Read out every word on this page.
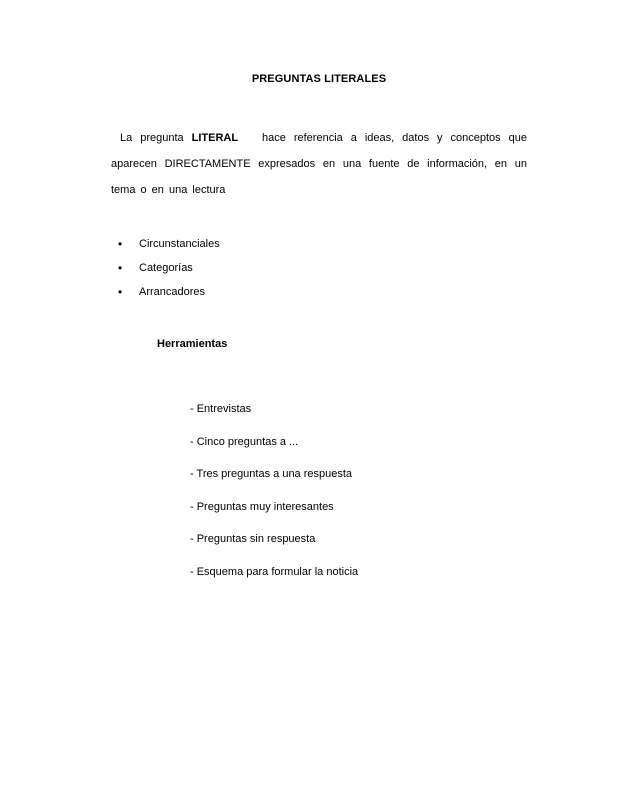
PREGUNTAS LITERALES
La pregunta LITERAL hace referencia a ideas, datos y conceptos que aparecen DIRECTAMENTE expresados en una fuente de información, en un tema o en una lectura
• Circunstanciales
• Categorías
• Arrancadores
Herramientas
- Entrevistas
- Cinco preguntas a ...
- Tres preguntas a una respuesta
- Preguntas muy interesantes
- Preguntas sin respuesta
- Esquema para formular la noticia
